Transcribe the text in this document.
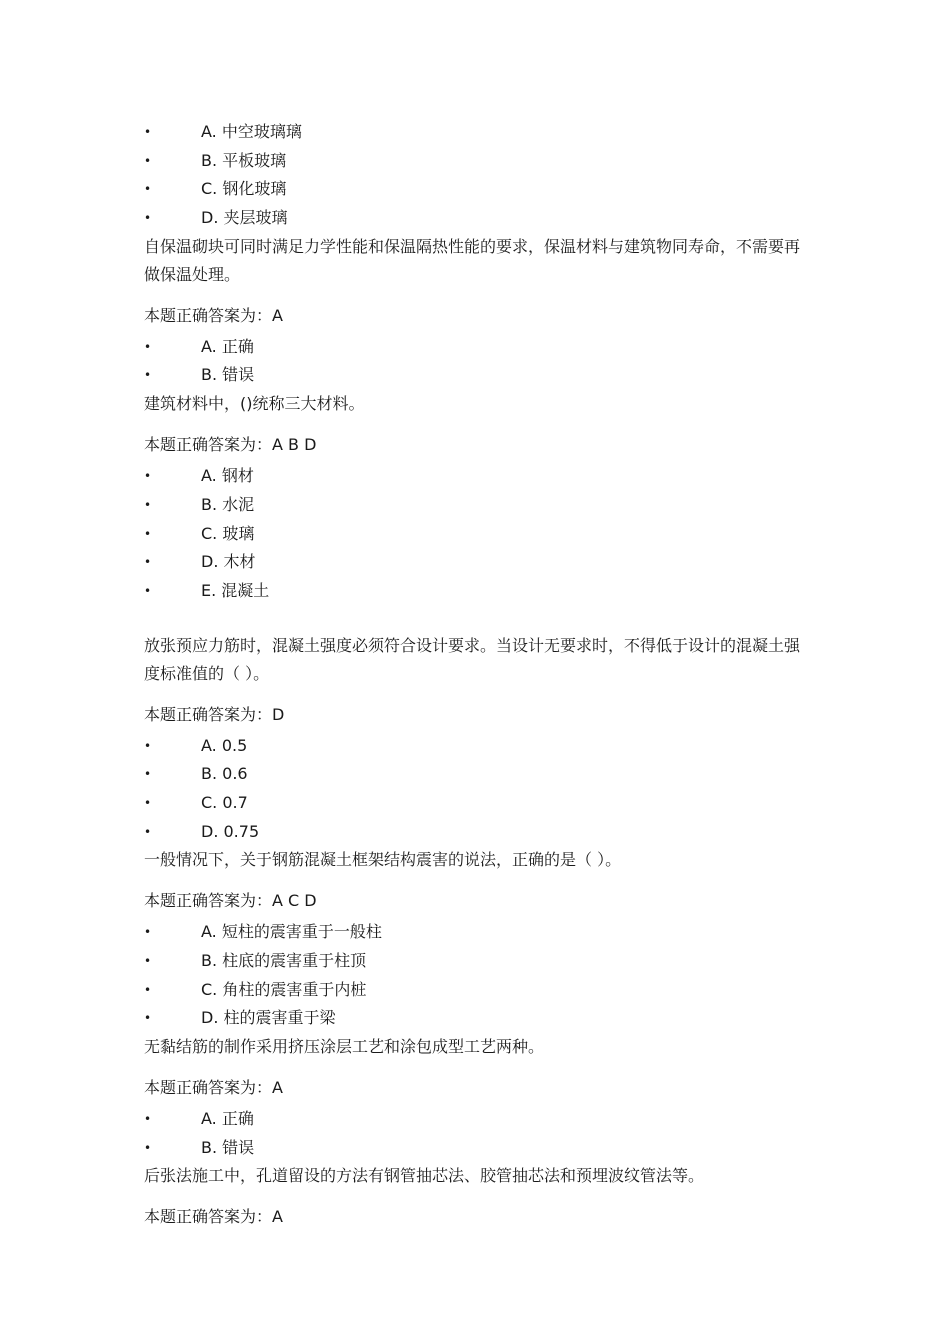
•	A. 中空玻璃璃
•	B. 平板玻璃
•	C. 钢化玻璃
•	D. 夹层玻璃

自保温砌块可同时满足力学性能和保温隔热性能的要求，保温材料与建筑物同寿命，不需要再做保温处理。

本题正确答案为：A

•	A. 正确
•	B. 错误

建筑材料中，()统称三大材料。

本题正确答案为：A B D

•	A. 钢材
•	B. 水泥
•	C. 玻璃
•	D. 木材
•	E. 混凝土

放张预应力筋时，混凝土强度必须符合设计要求。当设计无要求时，不得低于设计的混凝土强度标准值的（ ）。

本题正确答案为：D

•	A. 0.5
•	B. 0.6
•	C. 0.7
•	D. 0.75

一般情况下，关于钢筋混凝土框架结构震害的说法，正确的是（ ）。

本题正确答案为：A C D

•	A. 短柱的震害重于一般柱
•	B. 柱底的震害重于柱顶
•	C. 角柱的震害重于内桩
•	D. 柱的震害重于梁

无黏结筋的制作采用挤压涂层工艺和涂包成型工艺两种。

本题正确答案为：A

•	A. 正确
•	B. 错误

后张法施工中，孔道留设的方法有钢管抽芯法、胶管抽芯法和预埋波纹管法等。

本题正确答案为：A
